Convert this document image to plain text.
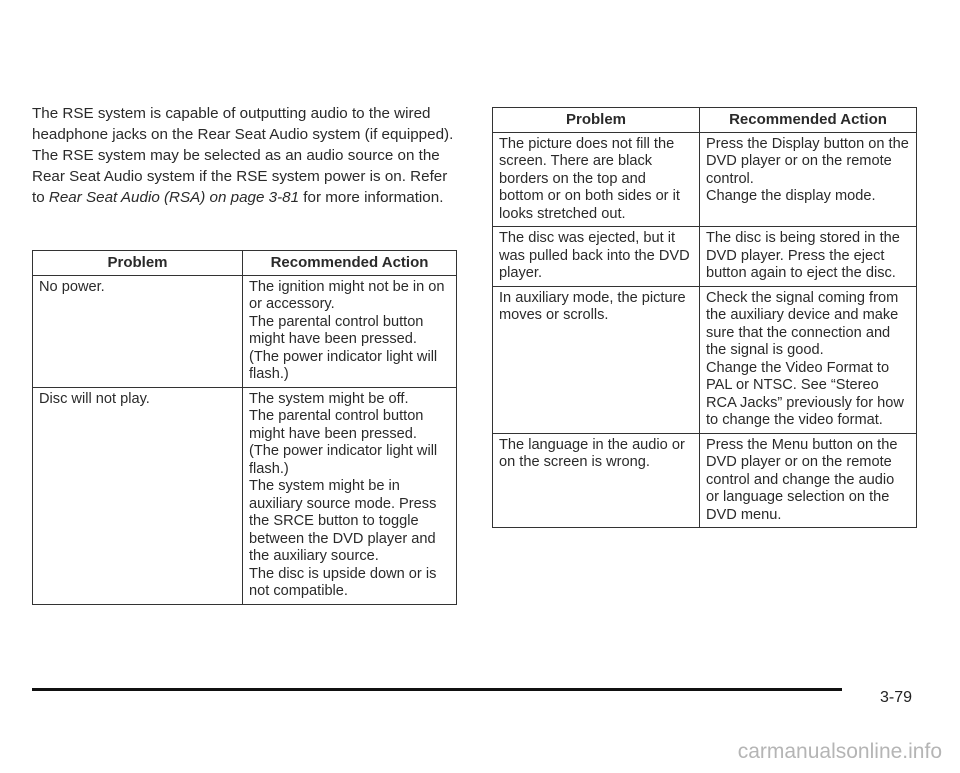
The RSE system is capable of outputting audio to the wired headphone jacks on the Rear Seat Audio system (if equipped). The RSE system may be selected as an audio source on the Rear Seat Audio system if the RSE system power is on. Refer to Rear Seat Audio (RSA) on page 3-81 for more information.
Problem	Recommended Action
No power.	The ignition might not be in on or accessory.
The parental control button might have been pressed. (The power indicator light will flash.)

Disc will not play.	The system might be off.
The parental control button might have been pressed. (The power indicator light will flash.)
The system might be in auxiliary source mode. Press the SRCE button to toggle between the DVD player and the auxiliary source.
The disc is upside down or is not compatible.
Problem	Recommended Action
The picture does not fill the screen. There are black borders on the top and bottom or on both sides or it looks stretched out.	Press the Display button on the DVD player or on the remote control.
Change the display mode.

The disc was ejected, but it was pulled back into the DVD player.	The disc is being stored in the DVD player. Press the eject button again to eject the disc.

In auxiliary mode, the picture moves or scrolls.	Check the signal coming from the auxiliary device and make sure that the connection and the signal is good.
Change the Video Format to PAL or NTSC. See “Stereo RCA Jacks” previously for how to change the video format.

The language in the audio or on the screen is wrong.	Press the Menu button on the DVD player or on the remote control and change the audio or language selection on the DVD menu.
3-79
carmanualsonline.info
